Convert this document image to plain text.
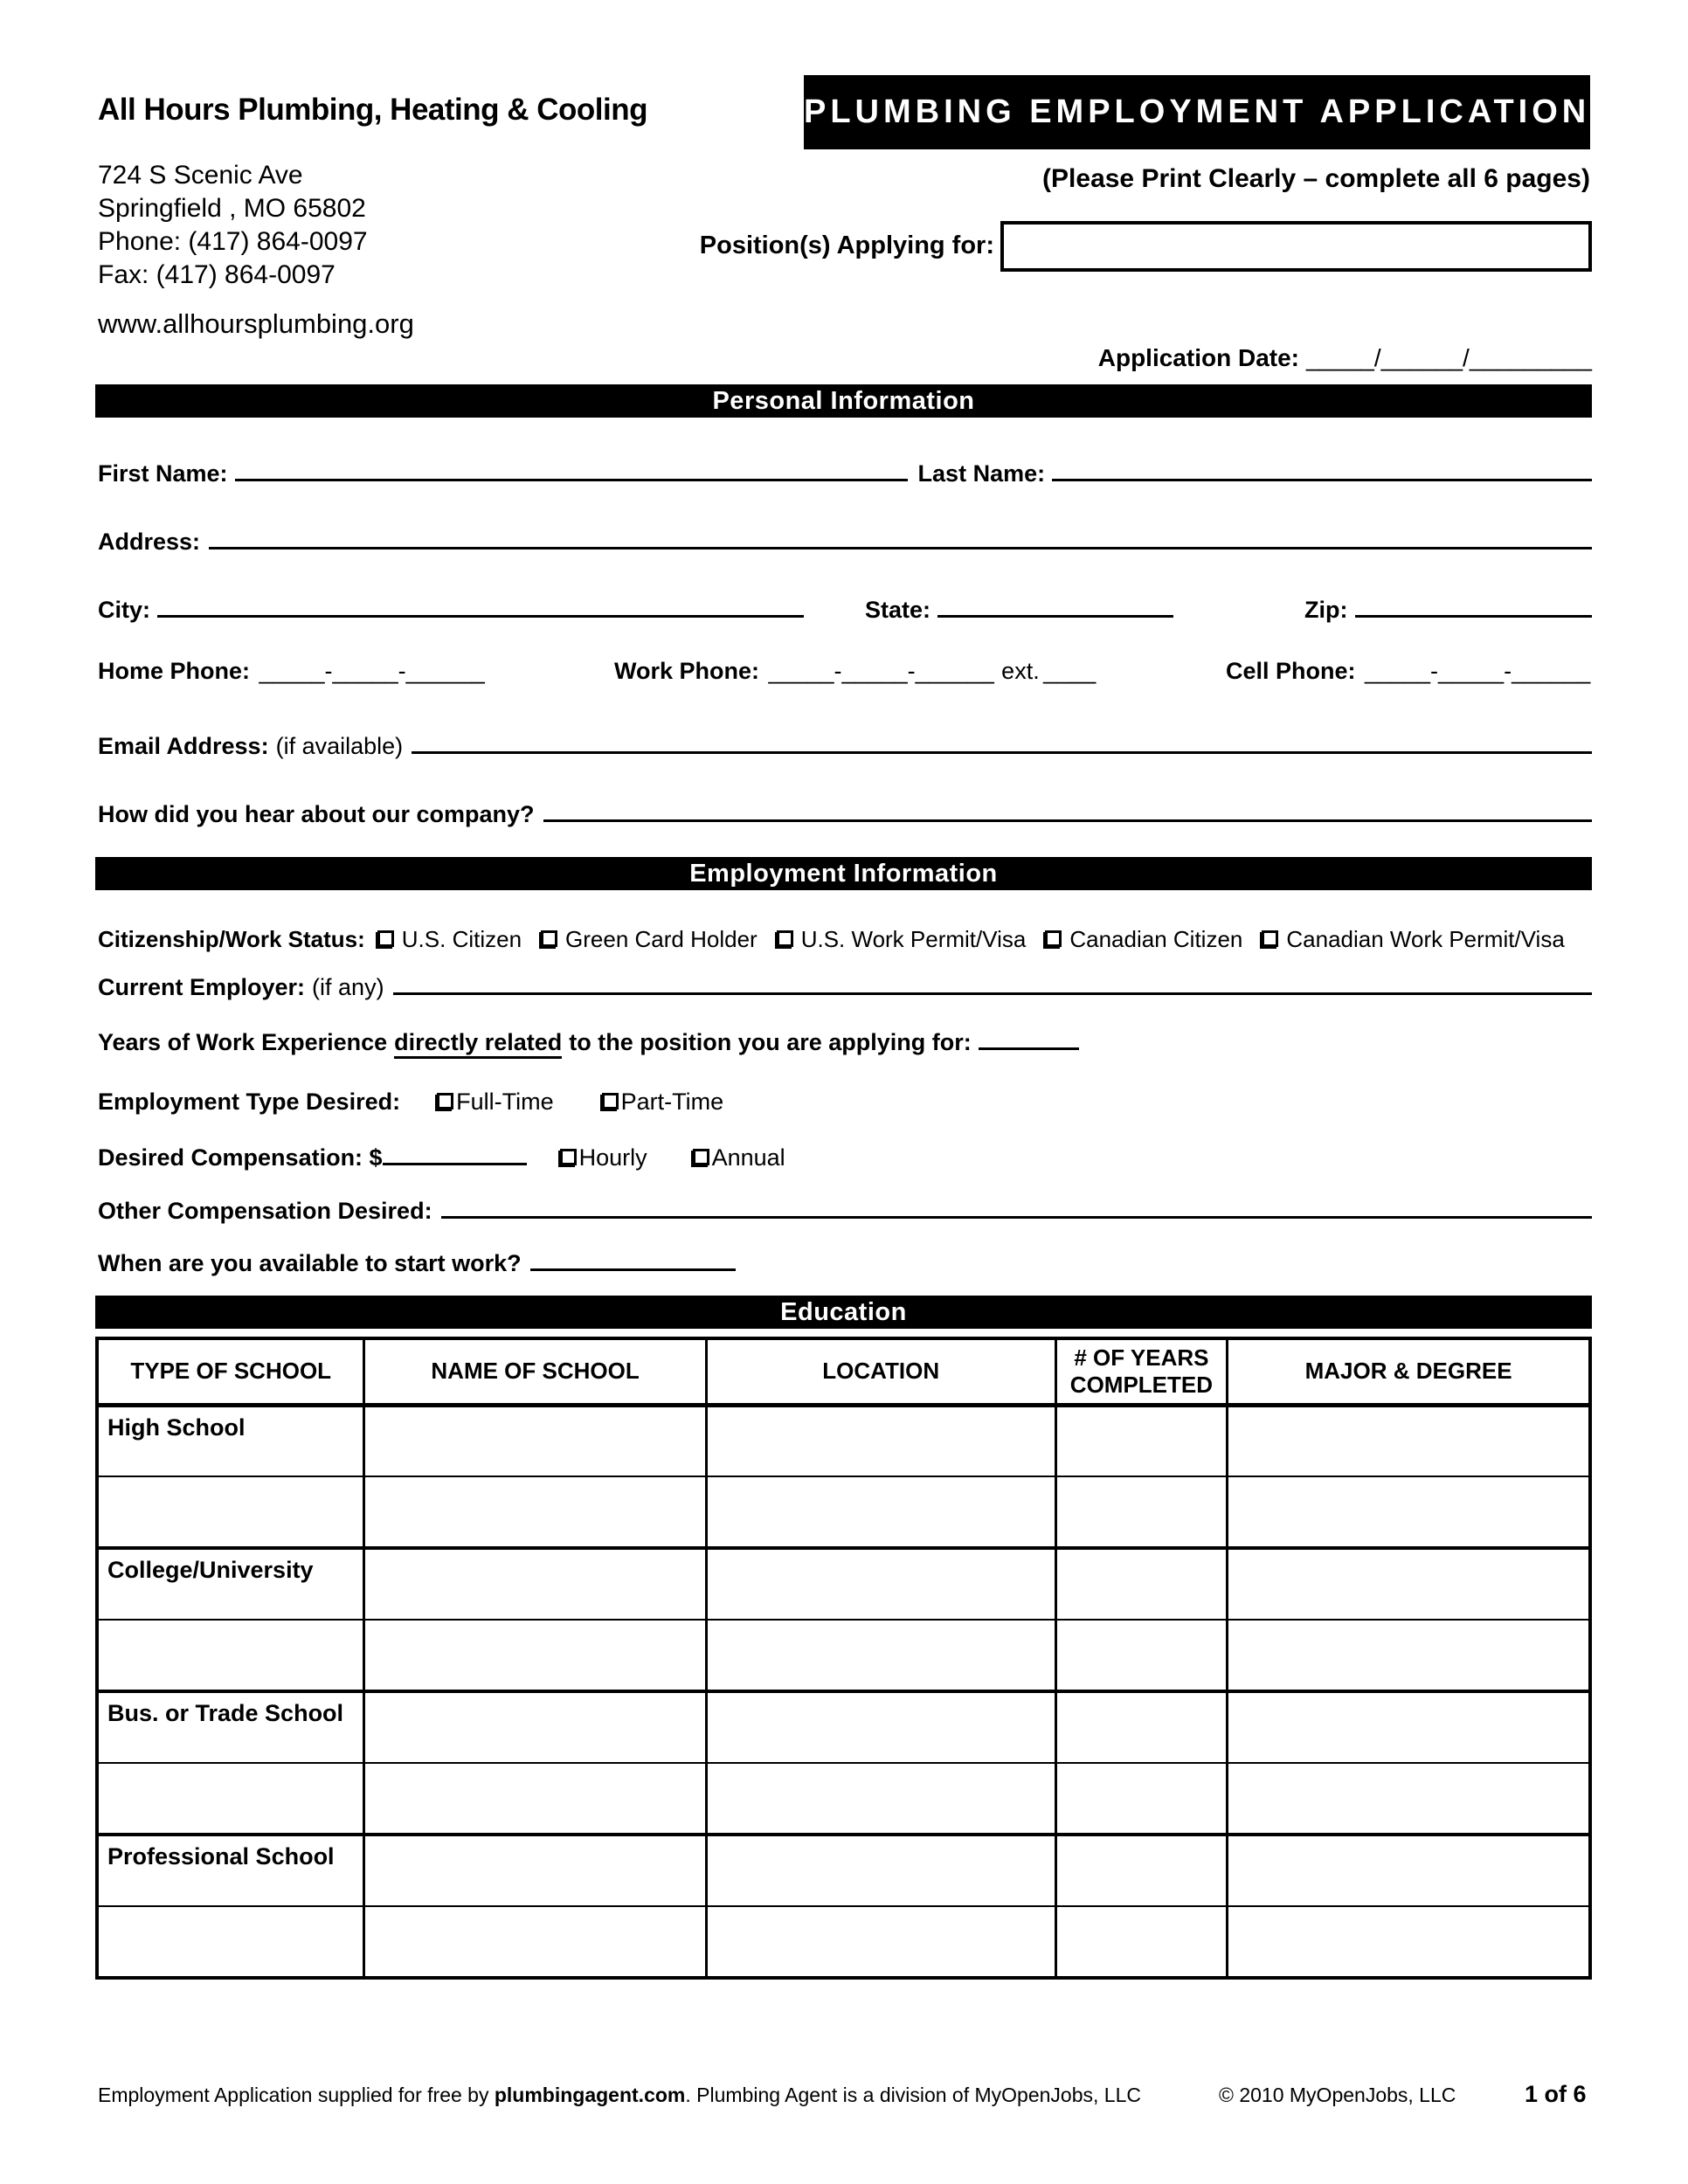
All Hours Plumbing, Heating & Cooling	PLUMBING EMPLOYMENT APPLICATION
724 S Scenic Ave
Springfield , MO 65802
Phone: (417) 864-0097
Fax: (417) 864-0097
(Please Print Clearly – complete all 6 pages)
Position(s) Applying for:
www.allhoursplumbing.org
Application Date: _____/______/_________
Personal Information
First Name:	Last Name:
Address:
City:	State:	Zip:
Home Phone: _____-_____-______	Work Phone: _____-_____-______ ext. ____	Cell Phone: _____-_____-______
Email Address: (if available)
How did you hear about our company?
Employment Information
Citizenship/Work Status: U.S. Citizen Green Card Holder U.S. Work Permit/Visa Canadian Citizen Canadian Work Permit/Visa
Current Employer: (if any)
Years of Work Experience directly related to the position you are applying for:
Employment Type Desired: Full-Time	Part-Time
Desired Compensation: $	Hourly	Annual
Other Compensation Desired:
When are you available to start work?
Education
TYPE OF SCHOOL	NAME OF SCHOOL	LOCATION	# OF YEARS COMPLETED	MAJOR & DEGREE
High School				

College/University				

Bus. or Trade School				

Professional School				

Employment Application supplied for free by plumbingagent.com. Plumbing Agent is a division of MyOpenJobs, LLC	© 2010 MyOpenJobs, LLC	1 of 6
